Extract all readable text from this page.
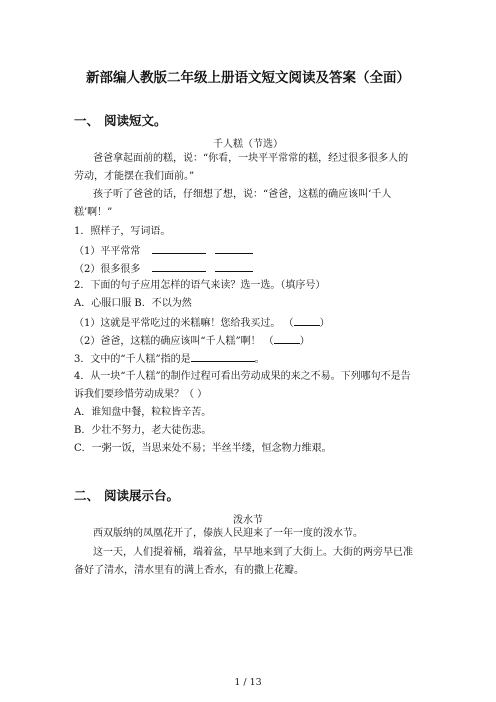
新部编人教版二年级上册语文短文阅读及答案（全面）
一、 阅读短文。
千人糕（节选）
爸爸拿起面前的糕，说：“你看，一块平平常常的糕，经过很多很多人的
劳动，才能摆在我们面前。”
孩子听了爸爸的话，仔细想了想，说：“爸爸，这糕的确应该叫‘千人
糕’啊！”
1．照样子，写词语。
（1）平平常常
（2）很多很多
2．下面的句子应用怎样的语气来读？选一选。（填序号）
A．心服口服 B．不以为然
（1）这就是平常吃过的米糕嘛！您给我买过。 （	）
（2）爸爸，这糕的确应该叫“千人糕”啊！ （	）
3．文中的“千人糕”指的是	。
4．从一块“千人糕”的制作过程可看出劳动成果的来之不易。下列哪句不是告
诉我们要珍惜劳动成果？（ ）
A．谁知盘中餐，粒粒皆辛苦。
B．少壮不努力，老大徒伤悲。
C．一粥一饭，当思来处不易；半丝半缕，恒念物力维艰。
二、 阅读展示台。
泼水节
西双版纳的凤凰花开了，傣族人民迎来了一年一度的泼水节。
这一天，人们提着桶，端着盆，早早地来到了大街上。大街的两旁早已准
备好了清水，清水里有的满上香水，有的撒上花瓣。
1 / 13
